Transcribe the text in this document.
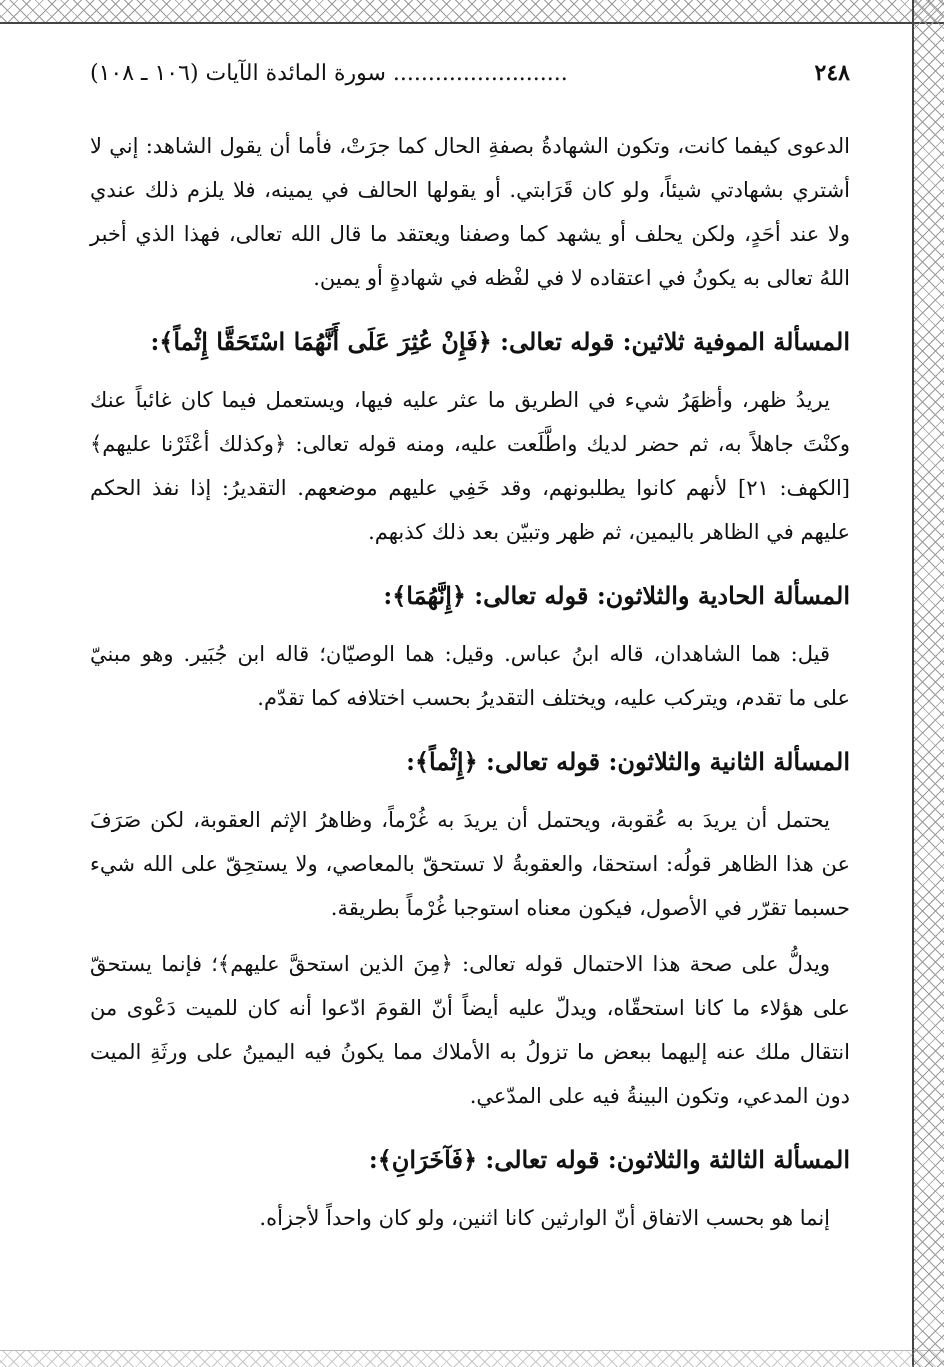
٢٤٨
......................... سورة المائدة الآيات (١٠٦ ـ ١٠٨)

الدعوى كيفما كانت، وتكون الشهادةُ بصفةِ الحال كما جرَتْ، فأما أن يقول الشاهد: إني لا أشتري بشهادتي شيئاً، ولو كان قَرَابتي. أو يقولها الحالف في يمينه، فلا يلزم ذلك عندي ولا عند أحَدٍ، ولكن يحلف أو يشهد كما وصفنا ويعتقد ما قال الله تعالى، فهذا الذي أخبر اللهُ تعالى به يكونُ في اعتقاده لا في لفْظه في شهادةٍ أو يمين.

المسألة الموفية ثلاثين: قوله تعالى: ﴿فَإِنْ عُثِرَ عَلَى أَنَّهُمَا اسْتَحَقَّا إِثْماً﴾:

يريدُ ظهر، وأظهَرُ شيء في الطريق ما عثر عليه فيها، ويستعمل فيما كان غائباً عنك وكنْتَ جاهلاً به، ثم حضر لديك واطَّلَعت عليه، ومنه قوله تعالى: ﴿وكذلك أعْثَرْنا عليهم﴾ [الكهف: ٢١] لأنهم كانوا يطلبونهم، وقد خَفِي عليهم موضعهم. التقديرُ: إذا نفذ الحكم عليهم في الظاهر باليمين، ثم ظهر وتبيّن بعد ذلك كذبهم.

المسألة الحادية والثلاثون: قوله تعالى: ﴿إِنَّهُمَا﴾:

قيل: هما الشاهدان، قاله ابنُ عباس. وقيل: هما الوصيّان؛ قاله ابن جُبَير. وهو مبنيّ على ما تقدم، ويتركب عليه، ويختلف التقديرُ بحسب اختلافه كما تقدّم.

المسألة الثانية والثلاثون: قوله تعالى: ﴿إِثْماً﴾:

يحتمل أن يريدَ به عُقوبة، ويحتمل أن يريدَ به غُرْماً، وظاهرُ الإثم العقوبة، لكن صَرَفَ عن هذا الظاهر قولُه: استحقا، والعقوبةُ لا تستحقّ بالمعاصي، ولا يستحِقّ على الله شيء حسبما تقرّر في الأصول، فيكون معناه استوجبا غُرْماً بطريقة.

ويدلُّ على صحة هذا الاحتمال قوله تعالى: ﴿مِنَ الذين استحقَّ عليهم﴾؛ فإنما يستحقّ على هؤلاء ما كانا استحقّاه، ويدلّ عليه أيضاً أنّ القومَ ادّعوا أنه كان للميت دَعْوى من انتقال ملك عنه إليهما ببعض ما تزولُ به الأملاك مما يكونُ فيه اليمينُ على ورثَةِ الميت دون المدعي، وتكون البينةُ فيه على المدّعي.

المسألة الثالثة والثلاثون: قوله تعالى: ﴿فَآخَرَانِ﴾:

إنما هو بحسب الاتفاق أنّ الوارثين كانا اثنين، ولو كان واحداً لأجزأه.
